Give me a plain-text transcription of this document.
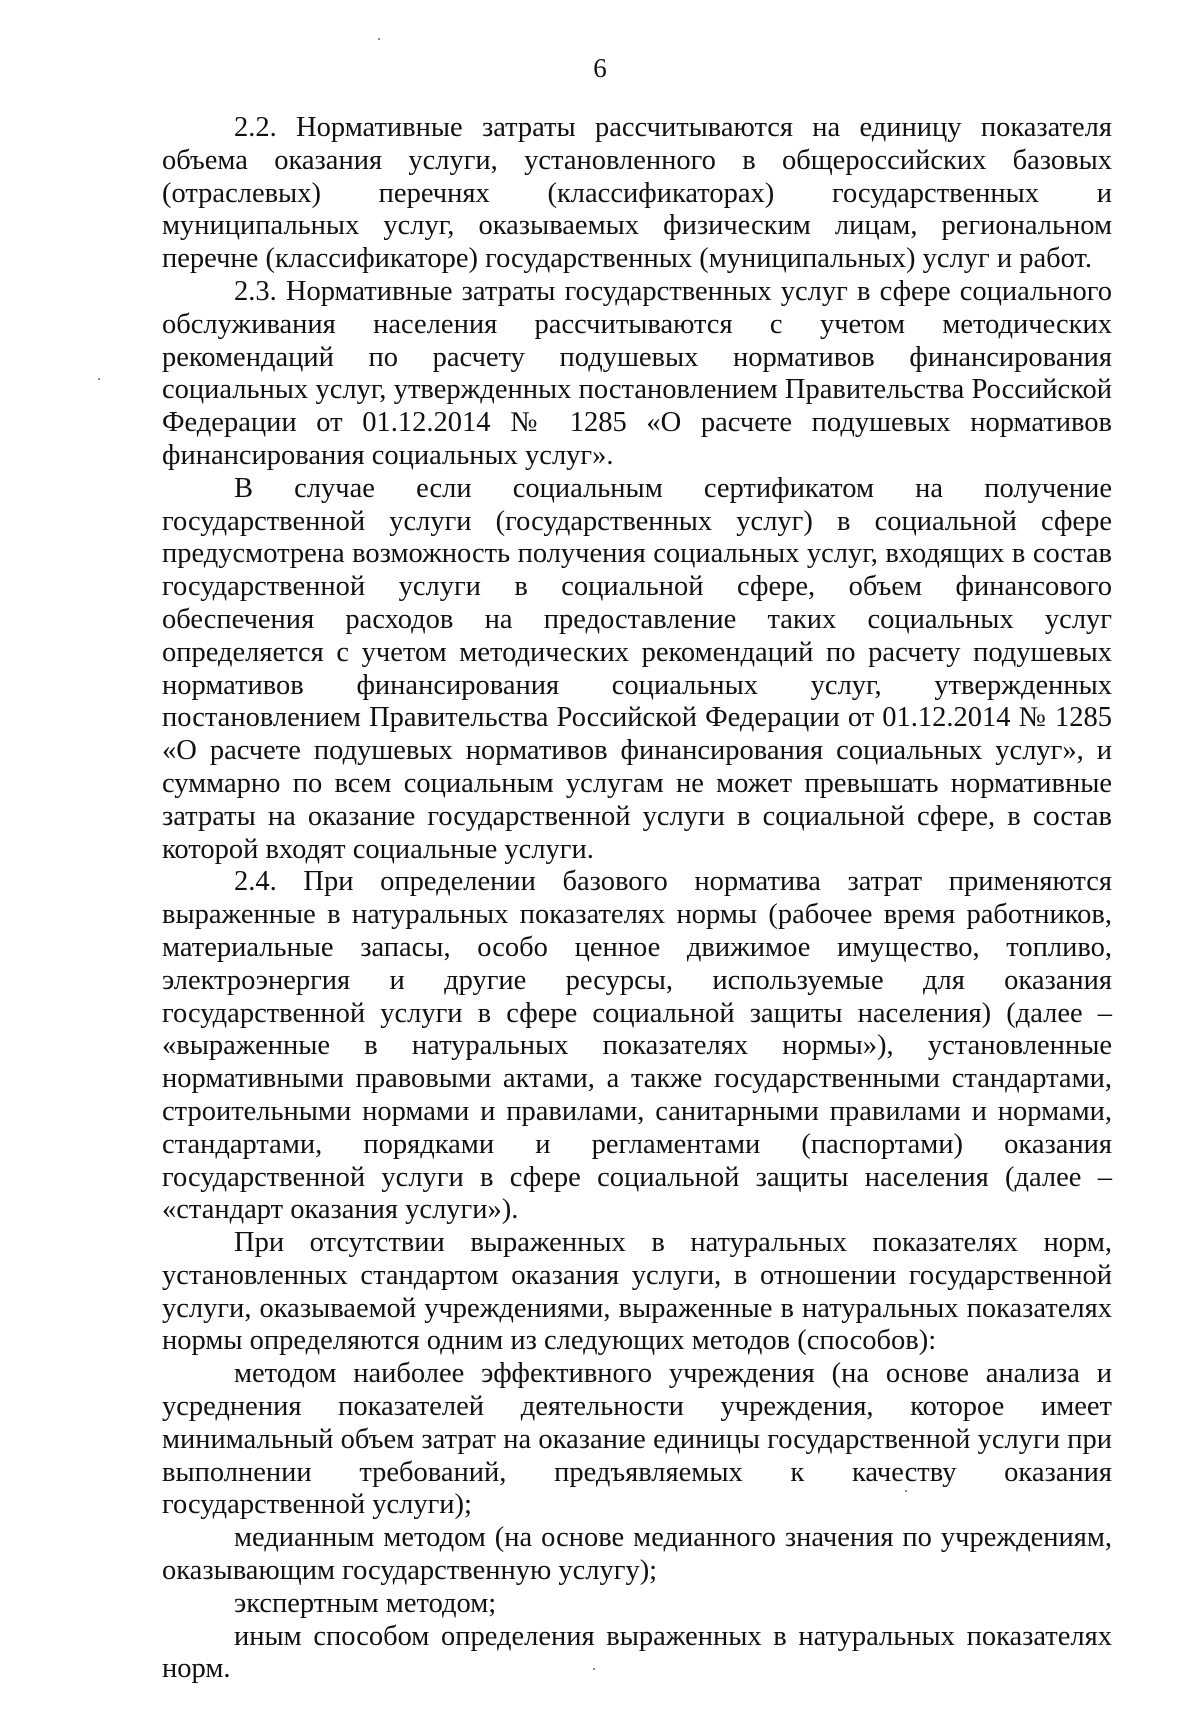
6

2.2. Нормативные затраты рассчитываются на единицу показателя объема оказания услуги, установленного в общероссийских базовых (отраслевых) перечнях (классификаторах) государственных и муниципальных услуг, оказываемых физическим лицам, региональном перечне (классификаторе) государственных (муниципальных) услуг и работ.

2.3. Нормативные затраты государственных услуг в сфере социального обслуживания населения рассчитываются с учетом методических рекомендаций по расчету подушевых нормативов финансирования социальных услуг, утвержденных постановлением Правительства Российской Федерации от 01.12.2014 № 1285 «О расчете подушевых нормативов финансирования социальных услуг».

В случае если социальным сертификатом на получение государственной услуги (государственных услуг) в социальной сфере предусмотрена возможность получения социальных услуг, входящих в состав государственной услуги в социальной сфере, объем финансового обеспечения расходов на предоставление таких социальных услуг определяется с учетом методических рекомендаций по расчету подушевых нормативов финансирования социальных услуг, утвержденных постановлением Правительства Российской Федерации от 01.12.2014 № 1285 «О расчете подушевых нормативов финансирования социальных услуг», и суммарно по всем социальным услугам не может превышать нормативные затраты на оказание государственной услуги в социальной сфере, в состав которой входят социальные услуги.

2.4. При определении базового норматива затрат применяются выраженные в натуральных показателях нормы (рабочее время работников, материальные запасы, особо ценное движимое имущество, топливо, электроэнергия и другие ресурсы, используемые для оказания государственной услуги в сфере социальной защиты населения) (далее – «выраженные в натуральных показателях нормы»), установленные нормативными правовыми актами, а также государственными стандартами, строительными нормами и правилами, санитарными правилами и нормами, стандартами, порядками и регламентами (паспортами) оказания государственной услуги в сфере социальной защиты населения (далее – «стандарт оказания услуги»).

При отсутствии выраженных в натуральных показателях норм, установленных стандартом оказания услуги, в отношении государственной услуги, оказываемой учреждениями, выраженные в натуральных показателях нормы определяются одним из следующих методов (способов):

методом наиболее эффективного учреждения (на основе анализа и усреднения показателей деятельности учреждения, которое имеет минимальный объем затрат на оказание единицы государственной услуги при выполнении требований, предъявляемых к качеству оказания государственной услуги);

медианным методом (на основе медианного значения по учреждениям, оказывающим государственную услугу);

экспертным методом;

иным способом определения выраженных в натуральных показателях норм.
